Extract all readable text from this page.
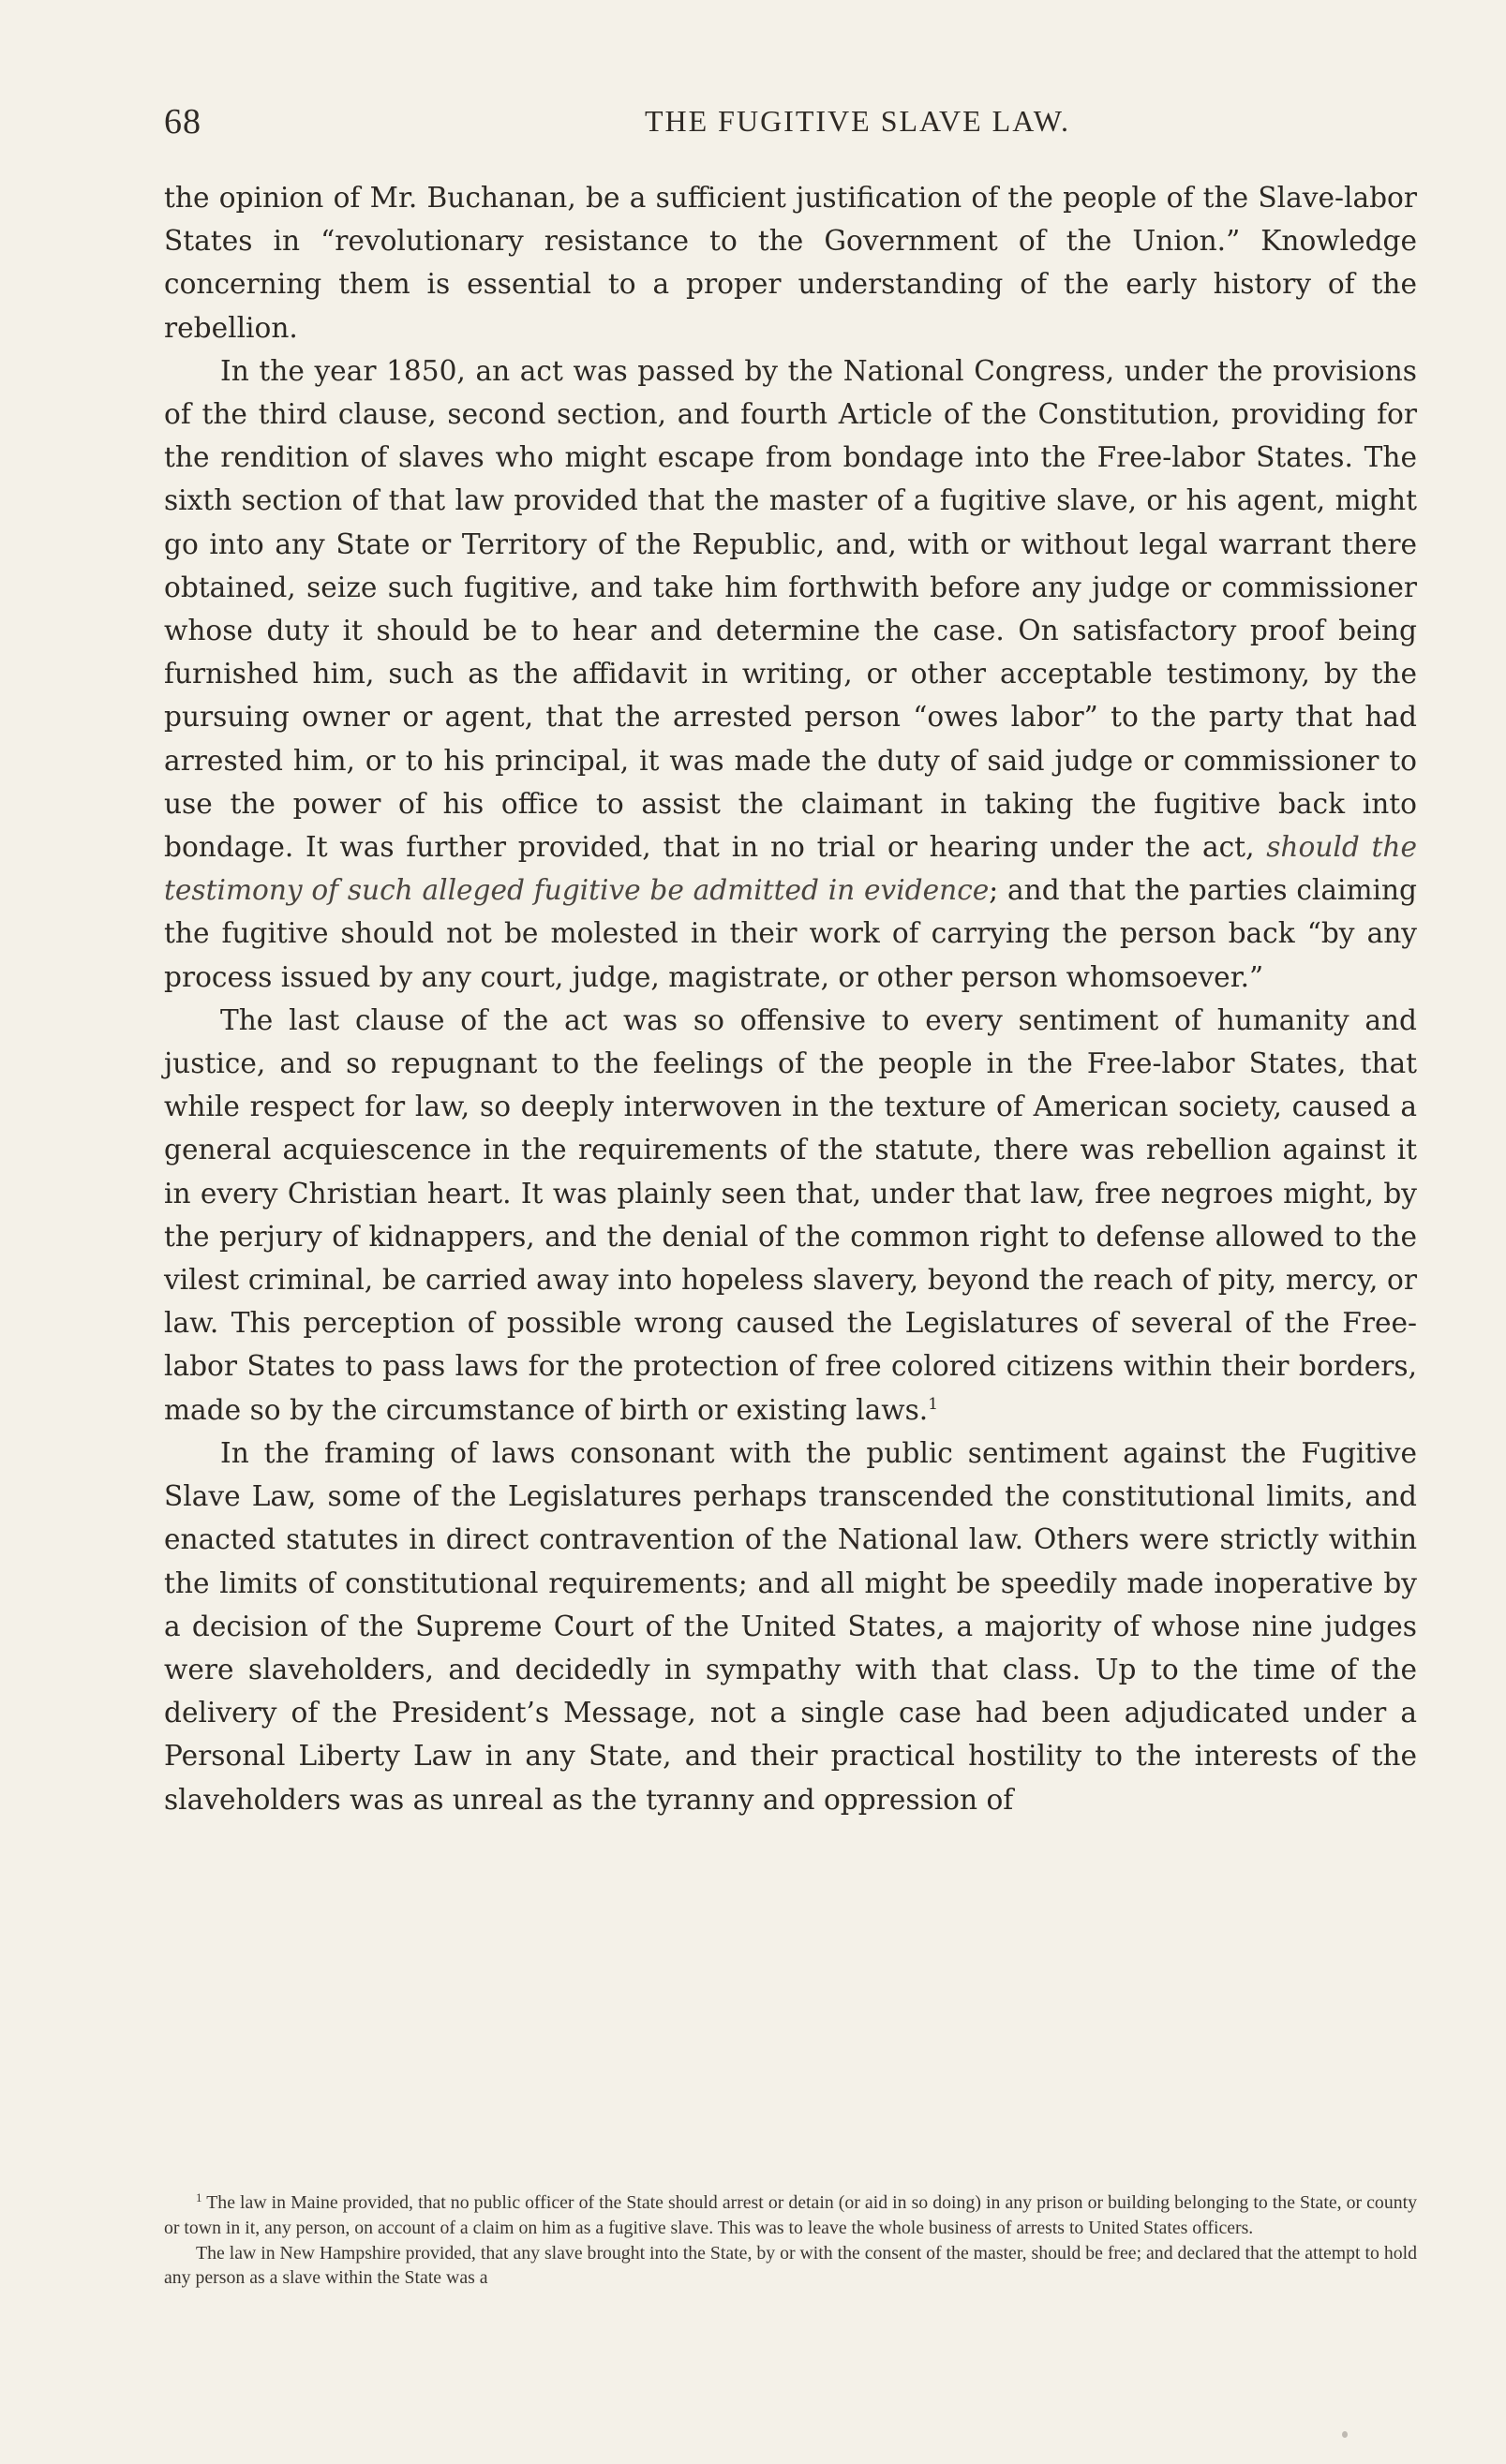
68	THE FUGITIVE SLAVE LAW.

the opinion of Mr. Buchanan, be a sufficient justification of the people of the Slave-labor States in “revolutionary resistance to the Government of the Union.” Knowledge concerning them is essential to a proper understanding of the early history of the rebellion.

In the year 1850, an act was passed by the National Congress, under the provisions of the third clause, second section, and fourth Article of the Constitution, providing for the rendition of slaves who might escape from bondage into the Free-labor States. The sixth section of that law provided that the master of a fugitive slave, or his agent, might go into any State or Territory of the Republic, and, with or without legal warrant there obtained, seize such fugitive, and take him forthwith before any judge or commissioner whose duty it should be to hear and determine the case. On satisfactory proof being furnished him, such as the affidavit in writing, or other acceptable testimony, by the pursuing owner or agent, that the arrested person “owes labor” to the party that had arrested him, or to his principal, it was made the duty of said judge or commissioner to use the power of his office to assist the claimant in taking the fugitive back into bondage. It was further provided, that in no trial or hearing under the act, should the testimony of such alleged fugitive be admitted in evidence; and that the parties claiming the fugitive should not be molested in their work of carrying the person back “by any process issued by any court, judge, magistrate, or other person whomsoever.”

The last clause of the act was so offensive to every sentiment of humanity and justice, and so repugnant to the feelings of the people in the Free-labor States, that while respect for law, so deeply interwoven in the texture of American society, caused a general acquiescence in the requirements of the statute, there was rebellion against it in every Christian heart. It was plainly seen that, under that law, free negroes might, by the perjury of kidnappers, and the denial of the common right to defense allowed to the vilest criminal, be carried away into hopeless slavery, beyond the reach of pity, mercy, or law. This perception of possible wrong caused the Legislatures of several of the Free-labor States to pass laws for the protection of free colored citizens within their borders, made so by the circumstance of birth or existing laws.$^1$

In the framing of laws consonant with the public sentiment against the Fugitive Slave Law, some of the Legislatures perhaps transcended the constitutional limits, and enacted statutes in direct contravention of the National law. Others were strictly within the limits of constitutional requirements; and all might be speedily made inoperative by a decision of the Supreme Court of the United States, a majority of whose nine judges were slaveholders, and decidedly in sympathy with that class. Up to the time of the delivery of the President’s Message, not a single case had been adjudicated under a Personal Liberty Law in any State, and their practical hostility to the interests of the slaveholders was as unreal as the tyranny and oppression of

$^1$ The law in Maine provided, that no public officer of the State should arrest or detain (or aid in so doing) in any prison or building belonging to the State, or county or town in it, any person, on account of a claim on him as a fugitive slave. This was to leave the whole business of arrests to United States officers.

The law in New Hampshire provided, that any slave brought into the State, by or with the consent of the master, should be free; and declared that the attempt to hold any person as a slave within the State was a
